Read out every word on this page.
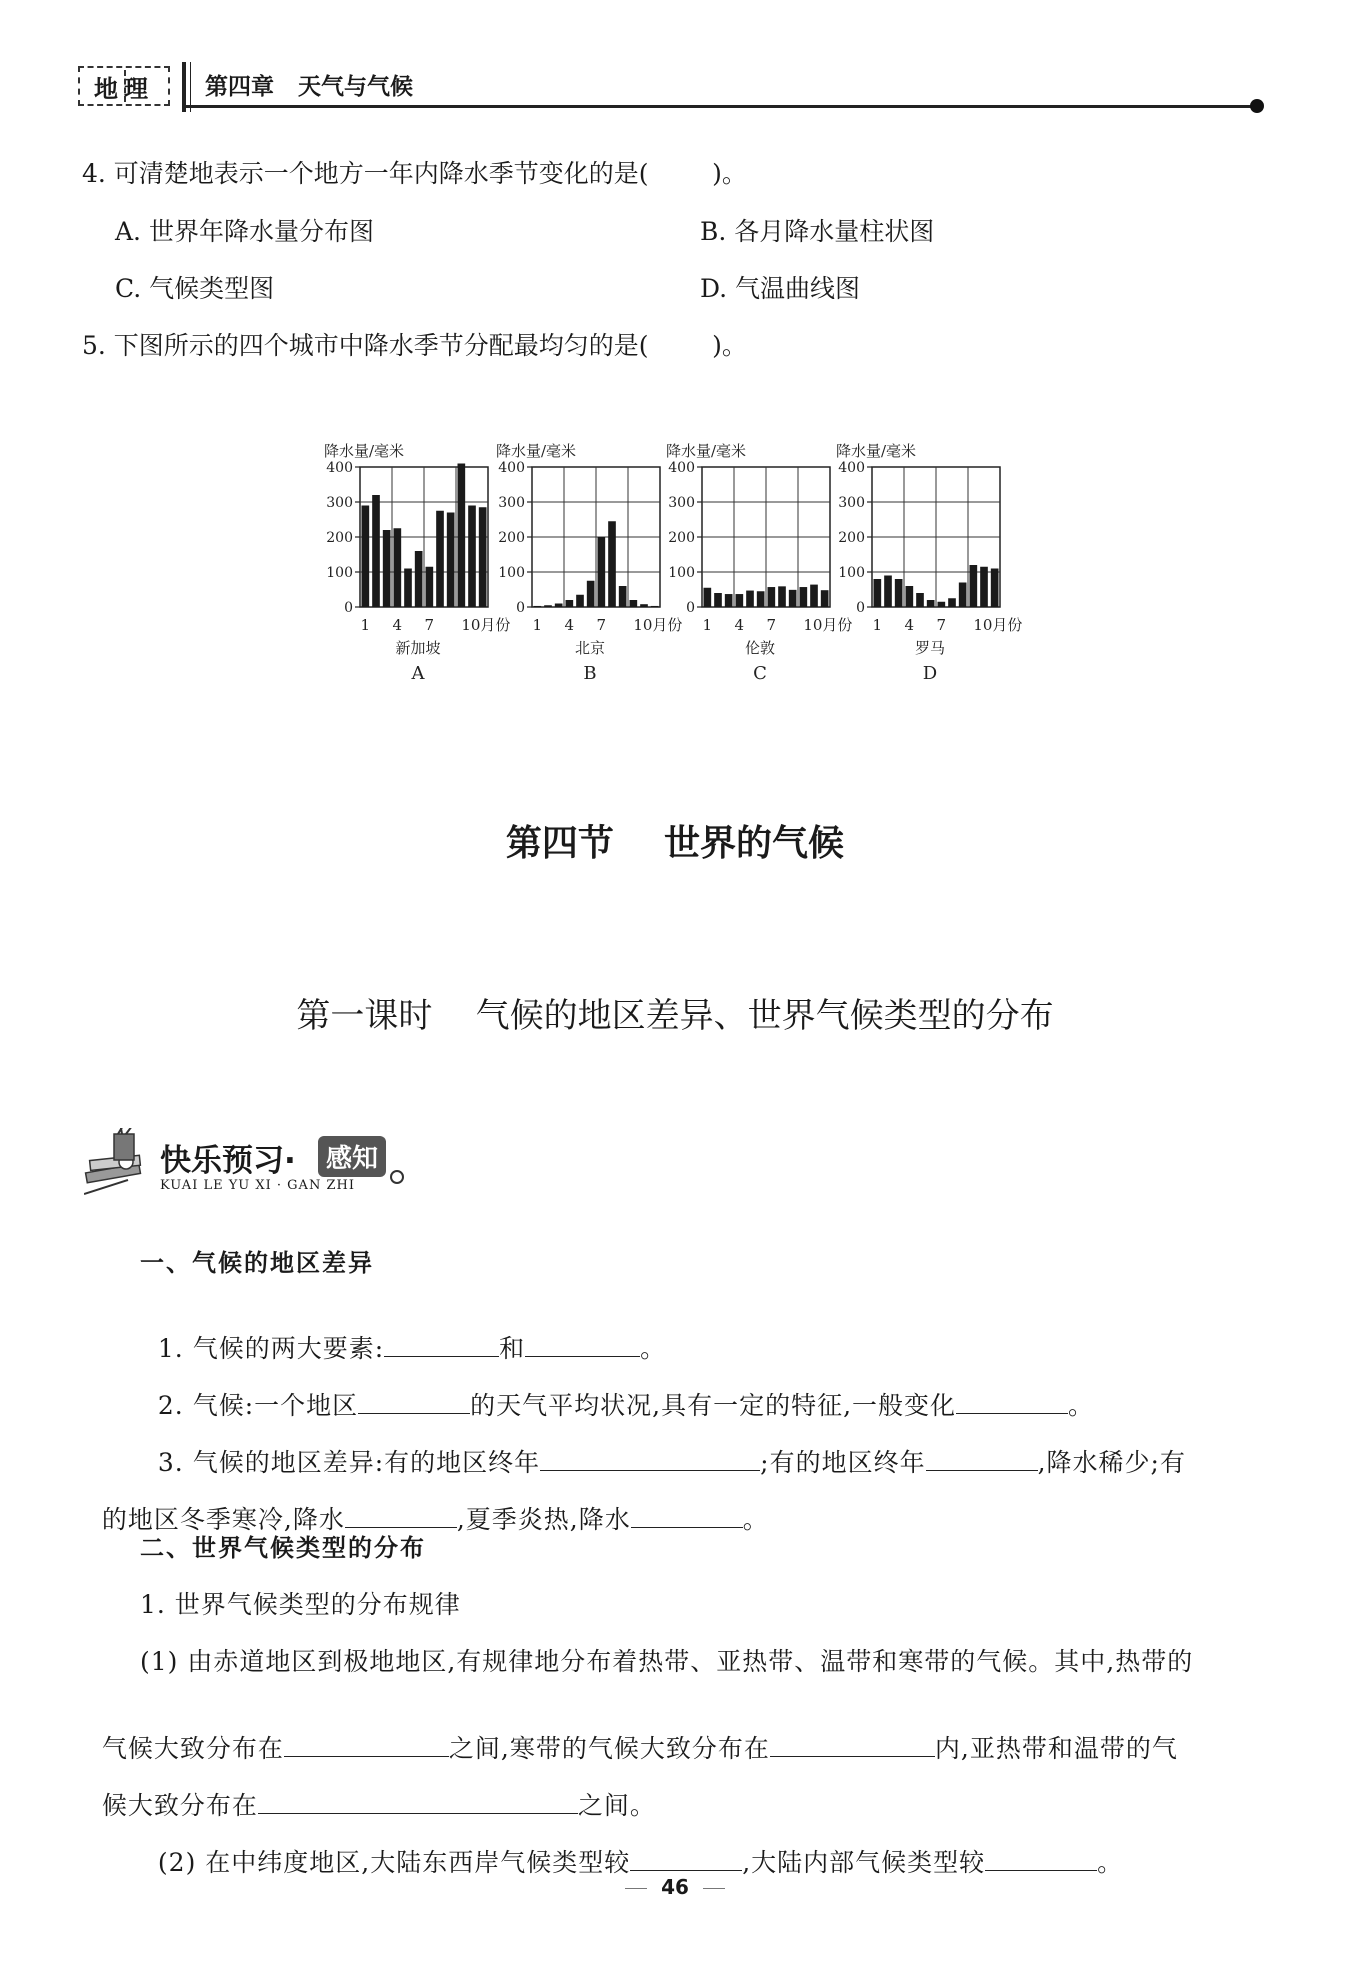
地 理 第四章   天气与气候
4. 可清楚地表示一个地方一年内降水季节变化的是(        )。
A. 世界年降水量分布图	B. 各月降水量柱状图
C. 气候类型图	D. 气温曲线图
5. 下图所示的四个城市中降水季节分配最均匀的是(        )。
降水量/毫米
400
300
200
100
0
1 4 7 10月份
新加坡
A
降水量/毫米
400
300
200
100
0
1 4 7 10月份
北京
B
降水量/毫米
400
300
200
100
0
1 4 7 10月份
伦敦
C
降水量/毫米
400
300
200
100
0
1 4 7 10月份
罗马
D
第四节    世界的气候
第一课时    气候的地区差异、世界气候类型的分布
快乐预习·	感知
KUAI LE YU XI · GAN ZHI
一、气候的地区差异

1. 气候的两大要素:	和	。

2. 气候:一个地区	的天气平均状况,具有一定的特征,一般变化	。

3. 气候的地区差异:有的地区终年	;有的地区终年	,降水稀少;有

的地区冬季寒冷,降水	,夏季炎热,降水	。

二、世界气候类型的分布
1. 世界气候类型的分布规律
(1) 由赤道地区到极地地区,有规律地分布着热带、亚热带、温带和寒带的气候。其中,热带的

气候大致分布在	之间,寒带的气候大致分布在	内,亚热带和温带的气

候大致分布在	之间。

(2) 在中纬度地区,大陆东西岸气候类型较	,大陆内部气候类型较	。

46
